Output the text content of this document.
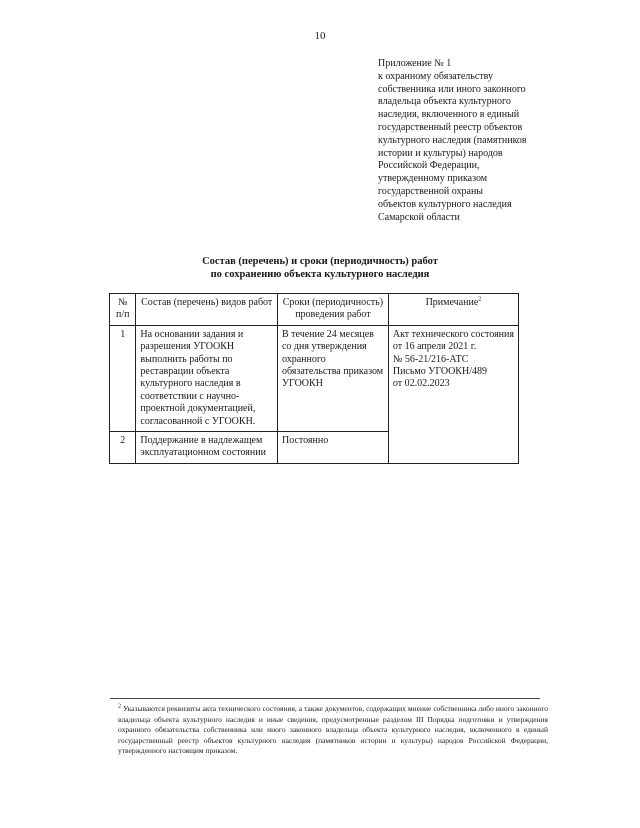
10
Приложение № 1
к охранному обязательству
собственника или иного законного
владельца объекта культурного
наследия, включенного в единый
государственный реестр объектов
культурного наследия (памятников
истории и культуры) народов
Российской Федерации,
утвержденному приказом
государственной охраны
объектов культурного наследия
Самарской области
Состав (перечень) и сроки (периодичность) работ
по сохранению объекта культурного наследия
№ п/п	Состав (перечень) видов работ	Сроки (периодичность) проведения работ	Примечание$^2$
1	На основании задания и разрешения УГООКН выполнить работы по реставрации объекта культурного наследия в соответствии с научно-проектной документацией, согласованной с УГООКН.	В течение 24 месяцев со дня утверждения охранного обязательства приказом УГООКН	Акт технического состояния
от 16 апреля 2021 г.
№ 56-21/216-АТС
Письмо УГООКН/489
от 02.02.2023

2	Поддержание в надлежащем эксплуатационном состоянии	Постоянно	
$^2$ Указываются реквизиты акта технического состояния, а также документов, содержащих мнение собственника либо иного законного владельца объекта культурного наследия и иные сведения, предусмотренные разделом III Порядка подготовки и утверждения охранного обязательства собственника или иного законного владельца объекта культурного наследия, включенного в единый государственный реестр объектов культурного наследия (памятников истории и культуры) народов Российской Федерации, утвержденного настоящим приказом.
